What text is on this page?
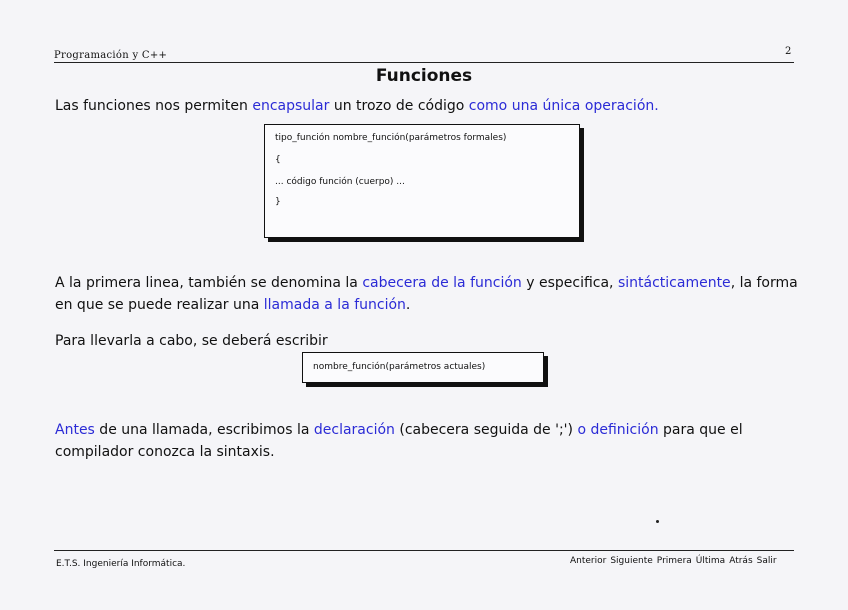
Programación y C++	2
Funciones
Las funciones nos permiten encapsular un trozo de código como una única operación.
tipo_función nombre_función(parámetros formales)
{
... código función (cuerpo) ...
}
A la primera linea, también se denomina la cabecera de la función y especifica, sintácticamente, la forma
en que se puede realizar una llamada a la función.
Para llevarla a cabo, se deberá escribir
nombre_función(parámetros actuales)
Antes de una llamada, escribimos la declaración (cabecera seguida de ';') o definición para que el
compilador conozca la sintaxis.
E.T.S. Ingeniería Informática.	Anterior Siguiente Primera Última Atrás Salir
